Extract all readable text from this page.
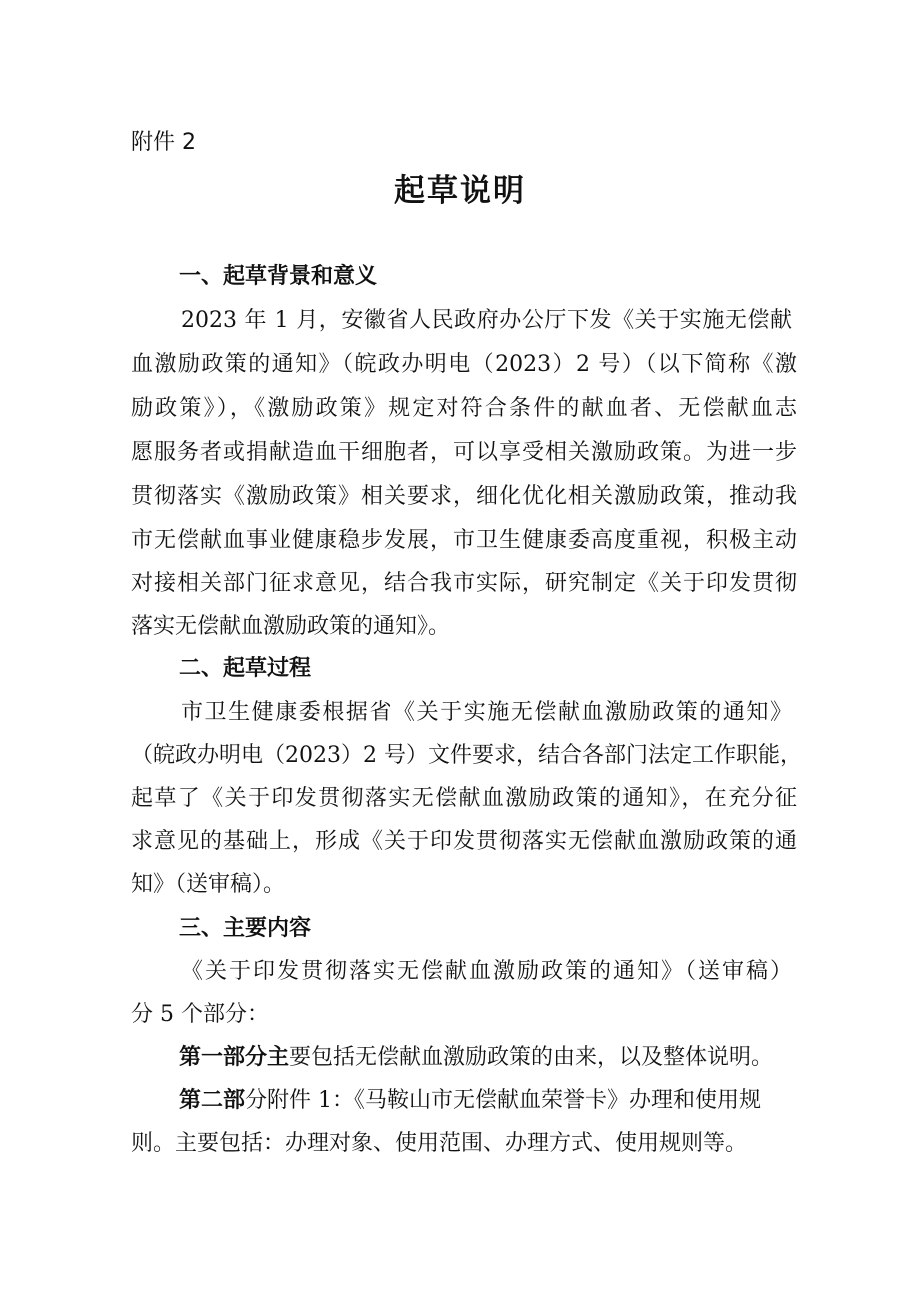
附件 2
起草说明
一、起草背景和意义
2023 年 1 月，安徽省人民政府办公厅下发《关于实施无偿献
血激励政策的通知》（皖政办明电（2023）2 号）（以下简称《激
励政策》），《激励政策》规定对符合条件的献血者、无偿献血志
愿服务者或捐献造血干细胞者，可以享受相关激励政策。为进一步
贯彻落实《激励政策》相关要求，细化优化相关激励政策，推动我
市无偿献血事业健康稳步发展，市卫生健康委高度重视，积极主动
对接相关部门征求意见，结合我市实际，研究制定《关于印发贯彻
落实无偿献血激励政策的通知》。
二、起草过程
市卫生健康委根据省《关于实施无偿献血激励政策的通知》
（皖政办明电（2023）2 号）文件要求，结合各部门法定工作职能，
起草了《关于印发贯彻落实无偿献血激励政策的通知》，在充分征
求意见的基础上，形成《关于印发贯彻落实无偿献血激励政策的通
知》（送审稿）。
三、主要内容
《关于印发贯彻落实无偿献血激励政策的通知》（送审稿）
分 5 个部分：
第一部分主要包括无偿献血激励政策的由来，以及整体说明。
第二部分附件 1：《马鞍山市无偿献血荣誉卡》办理和使用规
则。主要包括：办理对象、使用范围、办理方式、使用规则等。
